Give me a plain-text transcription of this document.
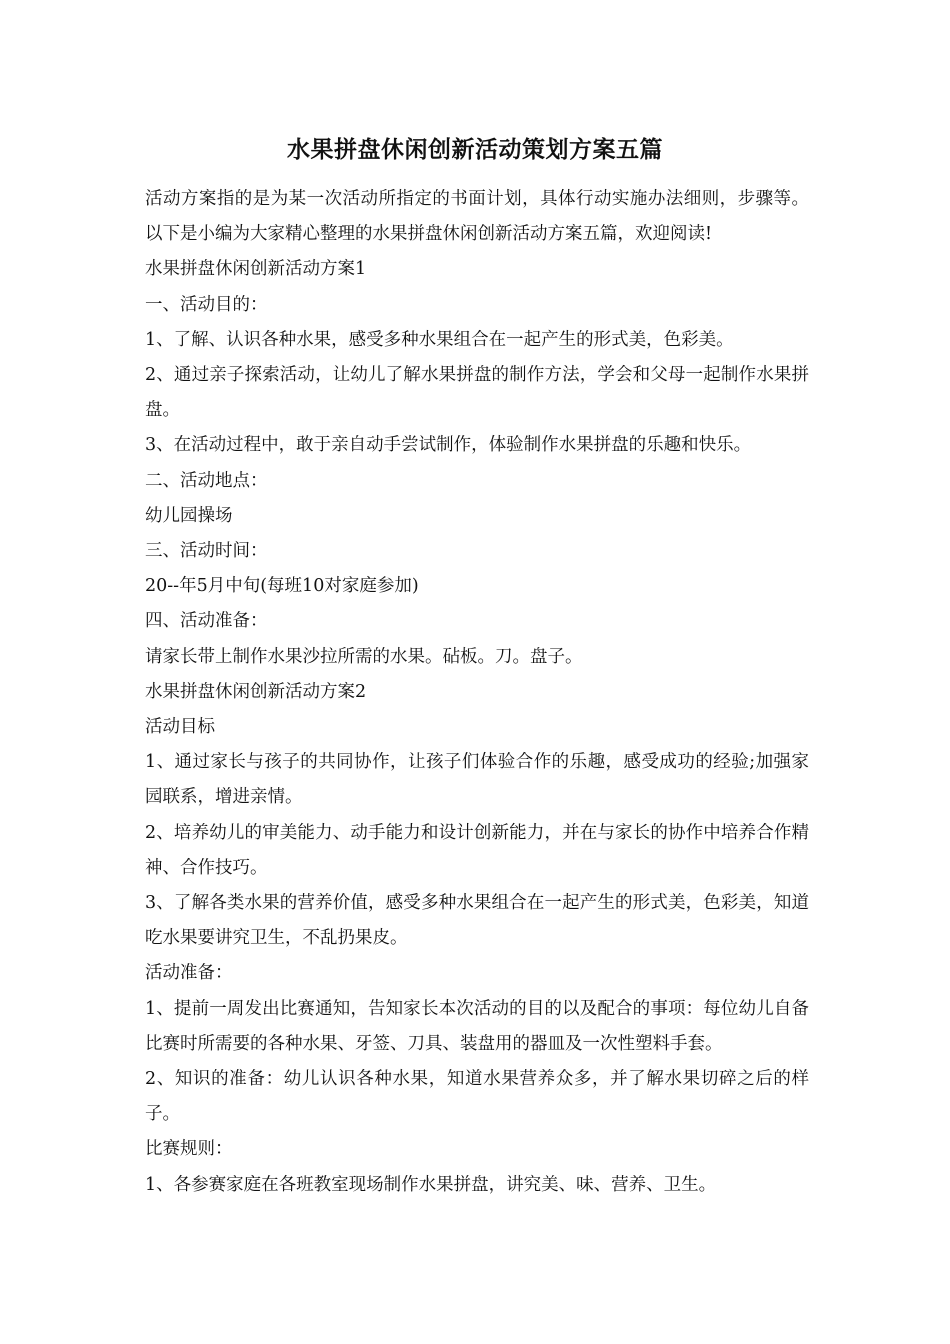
水果拼盘休闲创新活动策划方案五篇

活动方案指的是为某一次活动所指定的书面计划，具体行动实施办法细则，步骤等。以下是小编为大家精心整理的水果拼盘休闲创新活动方案五篇，欢迎阅读!

水果拼盘休闲创新活动方案1

一、活动目的：

1、了解、认识各种水果，感受多种水果组合在一起产生的形式美，色彩美。

2、通过亲子探索活动，让幼儿了解水果拼盘的制作方法，学会和父母一起制作水果拼盘。

3、在活动过程中，敢于亲自动手尝试制作，体验制作水果拼盘的乐趣和快乐。

二、活动地点：

幼儿园操场

三、活动时间：

20--年5月中旬(每班10对家庭参加)

四、活动准备：

请家长带上制作水果沙拉所需的水果。砧板。刀。盘子。

水果拼盘休闲创新活动方案2

活动目标

1、通过家长与孩子的共同协作，让孩子们体验合作的乐趣，感受成功的经验;加强家园联系，增进亲情。

2、培养幼儿的审美能力、动手能力和设计创新能力，并在与家长的协作中培养合作精神、合作技巧。

3、了解各类水果的营养价值，感受多种水果组合在一起产生的形式美，色彩美，知道吃水果要讲究卫生，不乱扔果皮。

活动准备：

1、提前一周发出比赛通知，告知家长本次活动的目的以及配合的事项：每位幼儿自备比赛时所需要的各种水果、牙签、刀具、装盘用的器皿及一次性塑料手套。

2、知识的准备：幼儿认识各种水果，知道水果营养众多，并了解水果切碎之后的样子。

比赛规则：

1、各参赛家庭在各班教室现场制作水果拼盘，讲究美、味、营养、卫生。
